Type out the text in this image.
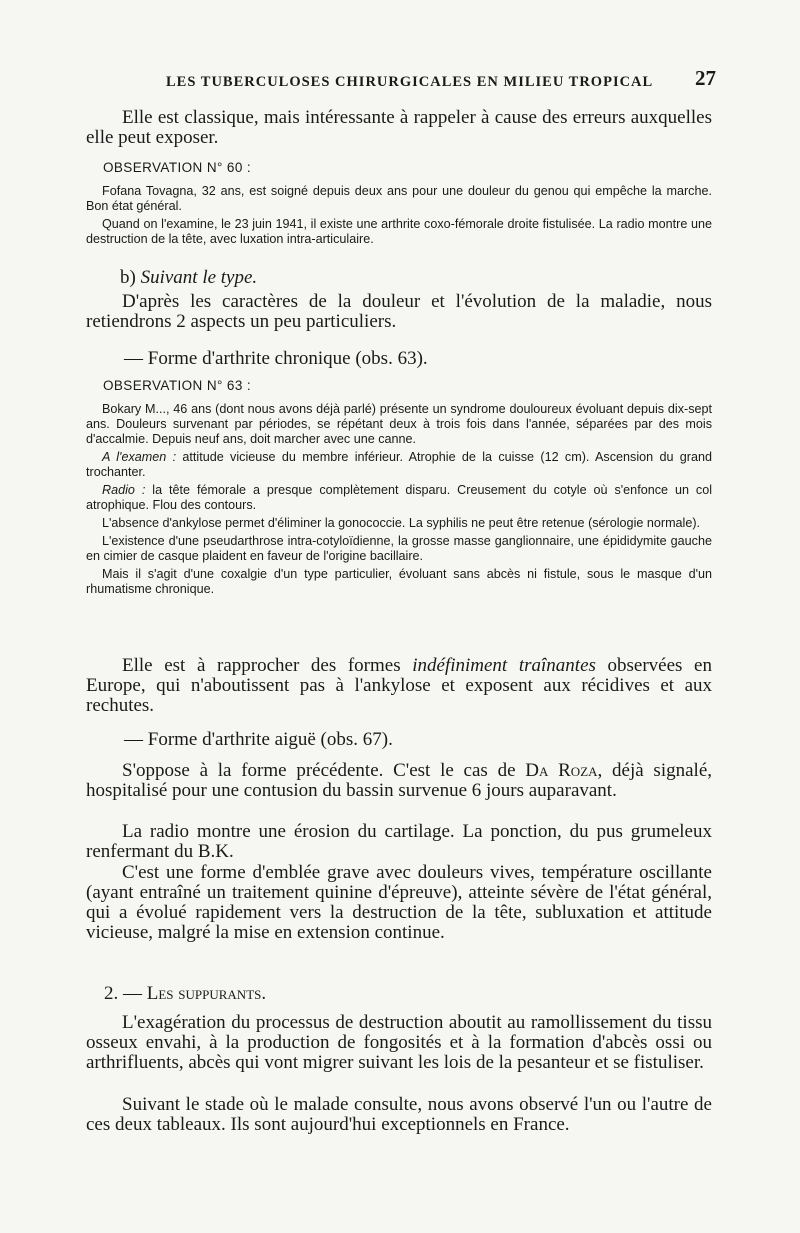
LES TUBERCULOSES CHIRURGICALES EN MILIEU TROPICAL 27

Elle est classique, mais intéressante à rappeler à cause des erreurs auxquelles elle peut exposer.

OBSERVATION N° 60 :

Fofana Tovagna, 32 ans, est soigné depuis deux ans pour une douleur du genou qui empêche la marche. Bon état général.

Quand on l'examine, le 23 juin 1941, il existe une arthrite coxo-fémorale droite fistulisée. La radio montre une destruction de la tête, avec luxation intra-articulaire.

b) Suivant le type.

D'après les caractères de la douleur et l'évolution de la maladie, nous retiendrons 2 aspects un peu particuliers.

— Forme d'arthrite chronique (obs. 63).
OBSERVATION N° 63 :

Bokary M..., 46 ans (dont nous avons déjà parlé) présente un syndrome douloureux évoluant depuis dix-sept ans. Douleurs survenant par périodes, se répétant deux à trois fois dans l'année, séparées par des mois d'accalmie. Depuis neuf ans, doit marcher avec une canne.

A l'examen : attitude vicieuse du membre inférieur. Atrophie de la cuisse (12 cm). Ascension du grand trochanter.

Radio : la tête fémorale a presque complètement disparu. Creusement du cotyle où s'enfonce un col atrophique. Flou des contours.

L'absence d'ankylose permet d'éliminer la gonococcie. La syphilis ne peut être retenue (sérologie normale).

L'existence d'une pseudarthrose intra-cotyloïdienne, la grosse masse ganglionnaire, une épididymite gauche en cimier de casque plaident en faveur de l'origine bacillaire.

Mais il s'agit d'une coxalgie d'un type particulier, évoluant sans abcès ni fistule, sous le masque d'un rhumatisme chronique.

Elle est à rapprocher des formes indéfiniment traînantes observées en Europe, qui n'aboutissent pas à l'ankylose et exposent aux récidives et aux rechutes.

— Forme d'arthrite aiguë (obs. 67).

S'oppose à la forme précédente. C'est le cas de Da Roza, déjà signalé, hospitalisé pour une contusion du bassin survenue 6 jours auparavant.

La radio montre une érosion du cartilage. La ponction, du pus grumeleux renfermant du B.K.

C'est une forme d'emblée grave avec douleurs vives, température oscillante (ayant entraîné un traitement quinine d'épreuve), atteinte sévère de l'état général, qui a évolué rapidement vers la destruction de la tête, subluxation et attitude vicieuse, malgré la mise en extension continue.

2. — Les suppurants.

L'exagération du processus de destruction aboutit au ramollissement du tissu osseux envahi, à la production de fongosités et à la formation d'abcès ossi ou arthrifluents, abcès qui vont migrer suivant les lois de la pesanteur et se fistuliser.

Suivant le stade où le malade consulte, nous avons observé l'un ou l'autre de ces deux tableaux. Ils sont aujourd'hui exceptionnels en France.
